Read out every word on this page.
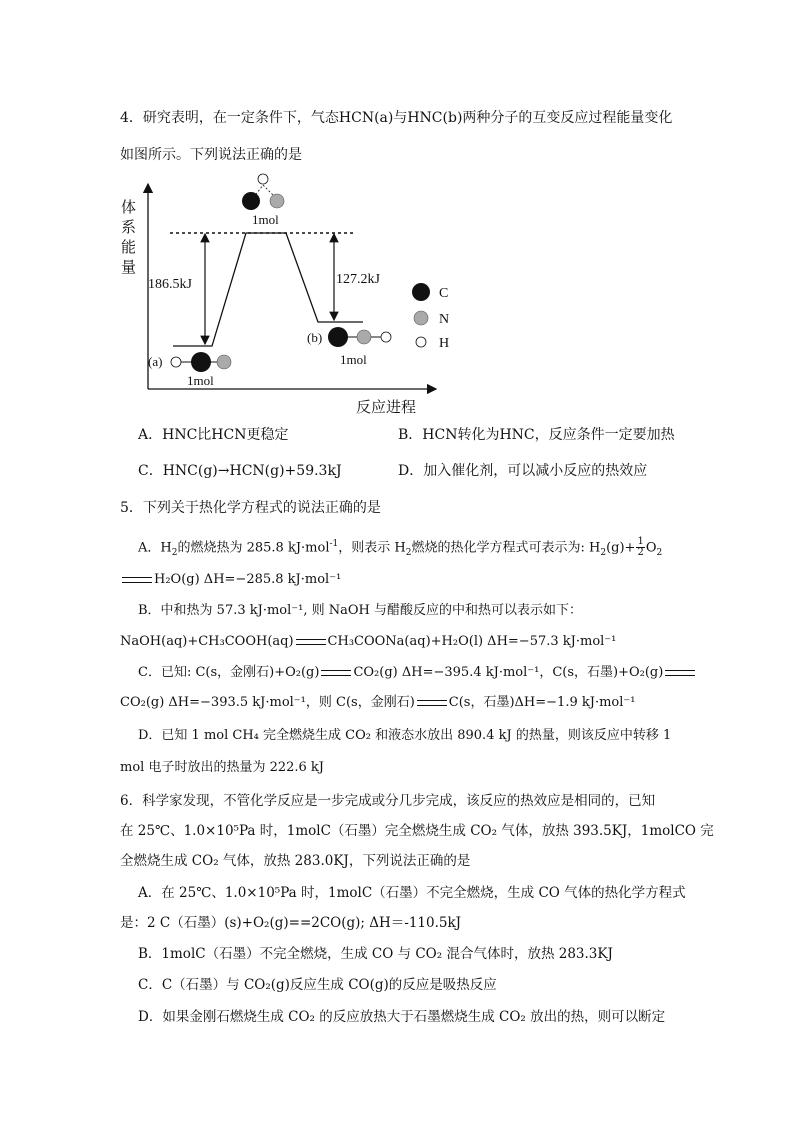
4．研究表明，在一定条件下，气态HCN(a)与HNC(b)两种分子的互变反应过程能量变化
如图所示。下列说法正确的是
体 系 能 量
反应进程
186.5kJ	127.2kJ
1mol
(a)
1mol
(b)
1mol
C
N
H
A．HNC比HCN更稳定	B．HCN转化为HNC，反应条件一定要加热
C．HNC(g)→HCN(g)+59.3kJ	D．加入催化剂，可以减小反应的热效应
5．下列关于热化学方程式的说法正确的是
A．$H_2$的燃烧热为 285.8 kJ·mol$^{-1}$，则表示 $H_2$燃烧的热化学方程式可表示为: $H_2(g)+ \frac{1}{2} O_2$
H₂O(g) ΔH=−285.8 kJ·mol⁻¹
B．中和热为 57.3 kJ·mol⁻¹, 则 NaOH 与醋酸反应的中和热可以表示如下：
NaOH(aq)+CH₃COOH(aq)	CH₃COONa(aq)+H₂O(l) ΔH=−57.3 kJ·mol⁻¹
C．已知: C(s，金刚石)+O₂(g)	CO₂(g) ΔH=−395.4 kJ·mol⁻¹，C(s，石墨)+O₂(g)
CO₂(g) ΔH=−393.5 kJ·mol⁻¹，则 C(s，金刚石)	C(s，石墨)ΔH=−1.9 kJ·mol⁻¹
D．已知 1 mol CH₄ 完全燃烧生成 CO₂ 和液态水放出 890.4 kJ 的热量，则该反应中转移 1
mol 电子时放出的热量为 222.6 kJ
6．科学家发现，不管化学反应是一步完成或分几步完成，该反应的热效应是相同的，已知
在 25℃、1.0×10⁵Pa 时，1molC（石墨）完全燃烧生成 CO₂ 气体，放热 393.5KJ，1molCO 完
全燃烧生成 CO₂ 气体，放热 283.0KJ，下列说法正确的是
A．在 25℃、1.0×10⁵Pa 时，1molC（石墨）不完全燃烧，生成 CO 气体的热化学方程式
是：2 C（石墨）(s)+O₂(g)==2CO(g); ΔH＝-110.5kJ
B．1molC（石墨）不完全燃烧，生成 CO 与 CO₂ 混合气体时，放热 283.3KJ
C．C（石墨）与 CO₂(g)反应生成 CO(g)的反应是吸热反应
D．如果金刚石燃烧生成 CO₂ 的反应放热大于石墨燃烧生成 CO₂ 放出的热，则可以断定
